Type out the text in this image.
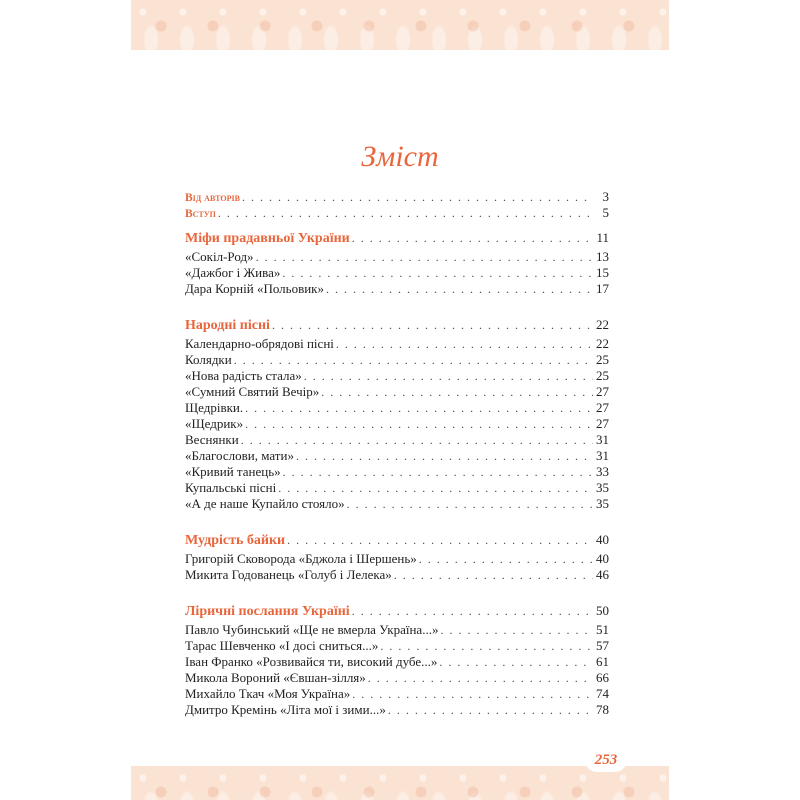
Зміст
Від авторів . . .	3
Вступ . . .	5
Міфи прадавньої України . . .	11
«Сокіл-Род» . . .	13
«Дажбог і Жива» . . .	15
Дара Корній «Польовик» . . .	17
Народні пісні . . .	22
Календарно-обрядові пісні . . .	22
Колядки . . .	25
«Нова радість стала» . . .	25
«Сумний Святий Вечір» . . .	27
Щедрівки. . . .	27
«Щедрик» . . .	27
Веснянки . . .	31
«Благослови, мати» . . .	31
«Кривий танець» . . .	33
Купальські пісні . . .	35
«А де наше Купайло стояло» . . .	35
Мудрість байки . . .	40
Григорій Сковорода «Бджола і Шершень» . . .	40
Микита Годованець «Голуб і Лелека» . . .	46
Ліричні послання Україні . . .	50
Павло Чубинський «Ще не вмерла Україна...» . . .	51
Тарас Шевченко «І досі сниться...» . . .	57
Іван Франко «Розвивайся ти, високий дубе...» . . .	61
Микола Вороний «Євшан-зілля» . . .	66
Михайло Ткач «Моя Україна» . . .	74
Дмитро Кремінь «Літа мої і зими...» . . .	78
253
